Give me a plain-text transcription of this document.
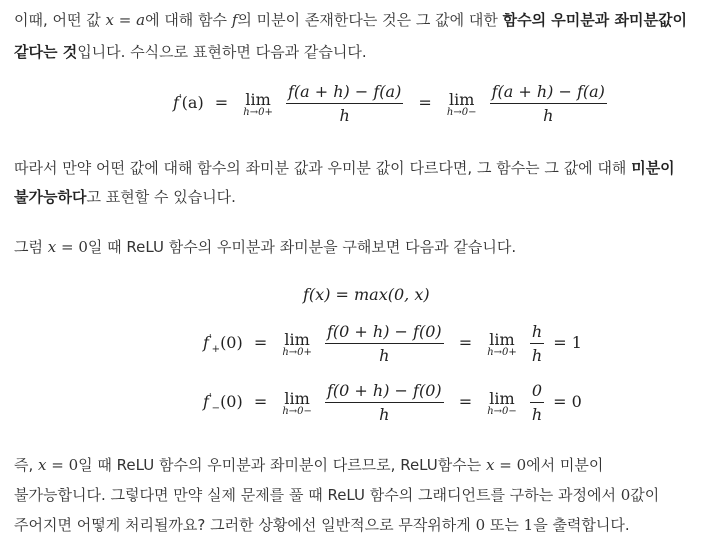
이때, 어떤 값 x = a에 대해 함수 f의 미분이 존재한다는 것은 그 값에 대한 함수의 우미분과 좌미분값이
같다는 것입니다. 수식으로 표현하면 다음과 같습니다.
f'(a) = lim
h→0+
$\frac{f(a + h) - f(a)}{h} = \lim$
h→0−
$\frac{f(a + h) - f(a)}{h}$
따라서 만약 어떤 값에 대해 함수의 좌미분 값과 우미분 값이 다르다면, 그 함수는 그 값에 대해 미분이
불가능하다고 표현할 수 있습니다.
그럼 x = 0일 때 ReLU 함수의 우미분과 좌미분을 구해보면 다음과 같습니다.
f(x) = max(0, x)
$f'_+(0) = \lim$
h→0+
$\frac{f(0 + h) - f(0)}{h} = \lim$
h→0+
$\frac{h}{h} = 1$
$f'_-(0) = \lim$
h→0−
$\frac{f(0 + h) - f(0)}{h} = \lim$
h→0−
$\frac{0}{h} = 0$
즉, x = 0일 때 ReLU 함수의 우미분과 좌미분이 다르므로, ReLU함수는 x = 0에서 미분이
불가능합니다. 그렇다면 만약 실제 문제를 풀 때 ReLU 함수의 그래디언트를 구하는 과정에서 0값이
주어지면 어떻게 처리될까요? 그러한 상황에선 일반적으로 무작위하게 0 또는 1을 출력합니다.
